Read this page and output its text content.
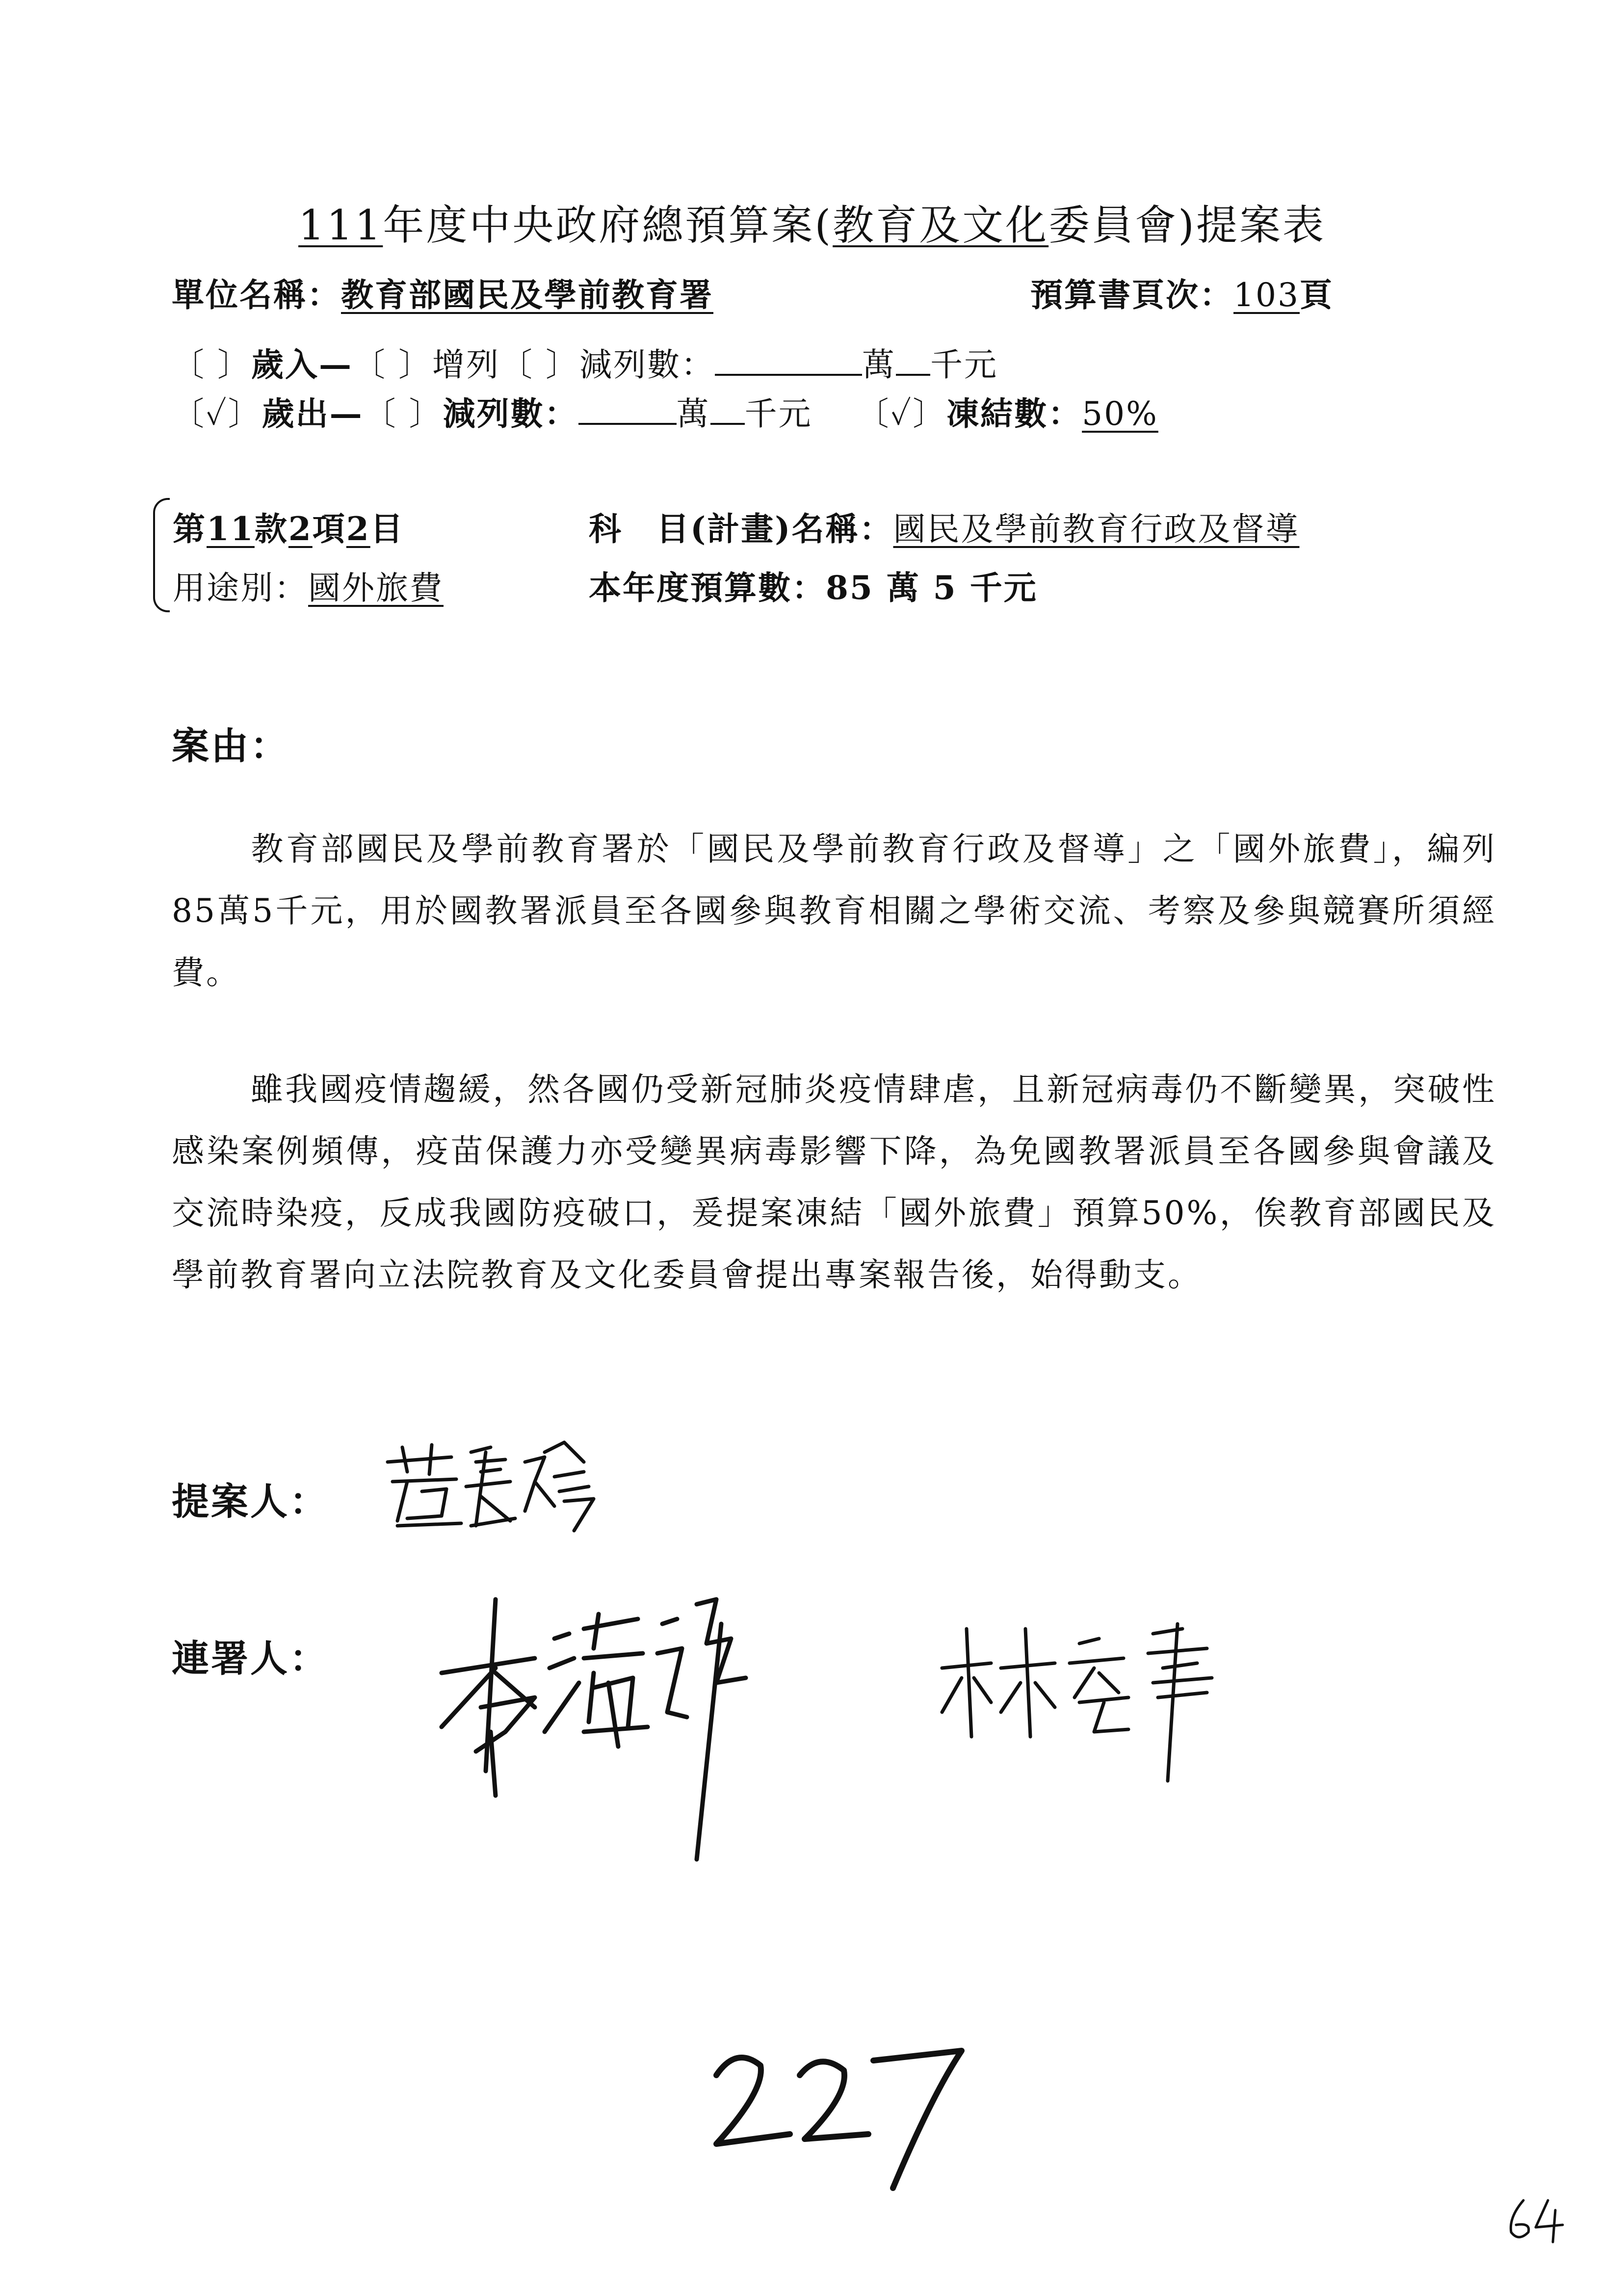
111年度中央政府總預算案(教育及文化委員會)提案表
單位名稱：教育部國民及學前教育署	預算書頁次：103頁
〔 〕歲入—〔 〕增列〔 〕減列數：	萬 千元
〔✓〕歲出—〔 〕減列數：	萬 千元 〔✓〕凍結數：50%
第11款2項2目	科　目(計畫)名稱：國民及學前教育行政及督導
用途別：國外旅費	本年度預算數：85 萬 5 千元
案由：
教育部國民及學前教育署於「國民及學前教育行政及督導」之「國外旅費」，編列85萬5千元，用於國教署派員至各國參與教育相關之學術交流、考察及參與競賽所須經費。
雖我國疫情趨緩，然各國仍受新冠肺炎疫情肆虐，且新冠病毒仍不斷變異，突破性感染案例頻傳，疫苗保護力亦受變異病毒影響下降，為免國教署派員至各國參與會議及交流時染疫，反成我國防疫破口，爰提案凍結「國外旅費」預算50%，俟教育部國民及學前教育署向立法院教育及文化委員會提出專案報告後，始得動支。
提案人：
連署人：
